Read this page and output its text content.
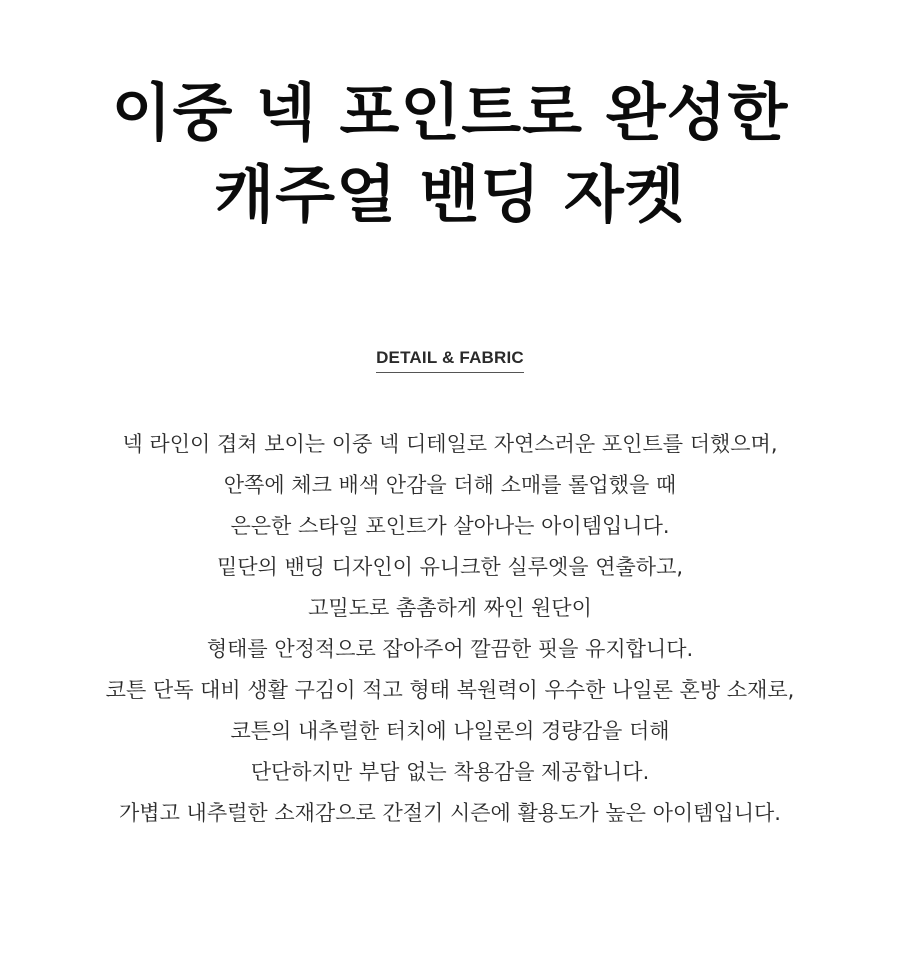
이중 넥 포인트로 완성한
캐주얼 밴딩 자켓
DETAIL & FABRIC
넥 라인이 겹쳐 보이는 이중 넥 디테일로 자연스러운 포인트를 더했으며,
안쪽에 체크 배색 안감을 더해 소매를 롤업했을 때
은은한 스타일 포인트가 살아나는 아이템입니다.
밑단의 밴딩 디자인이 유니크한 실루엣을 연출하고,
고밀도로 촘촘하게 짜인 원단이
형태를 안정적으로 잡아주어 깔끔한 핏을 유지합니다.
코튼 단독 대비 생활 구김이 적고 형태 복원력이 우수한 나일론 혼방 소재로,
코튼의 내추럴한 터치에 나일론의 경량감을 더해
단단하지만 부담 없는 착용감을 제공합니다.
가볍고 내추럴한 소재감으로 간절기 시즌에 활용도가 높은 아이템입니다.
